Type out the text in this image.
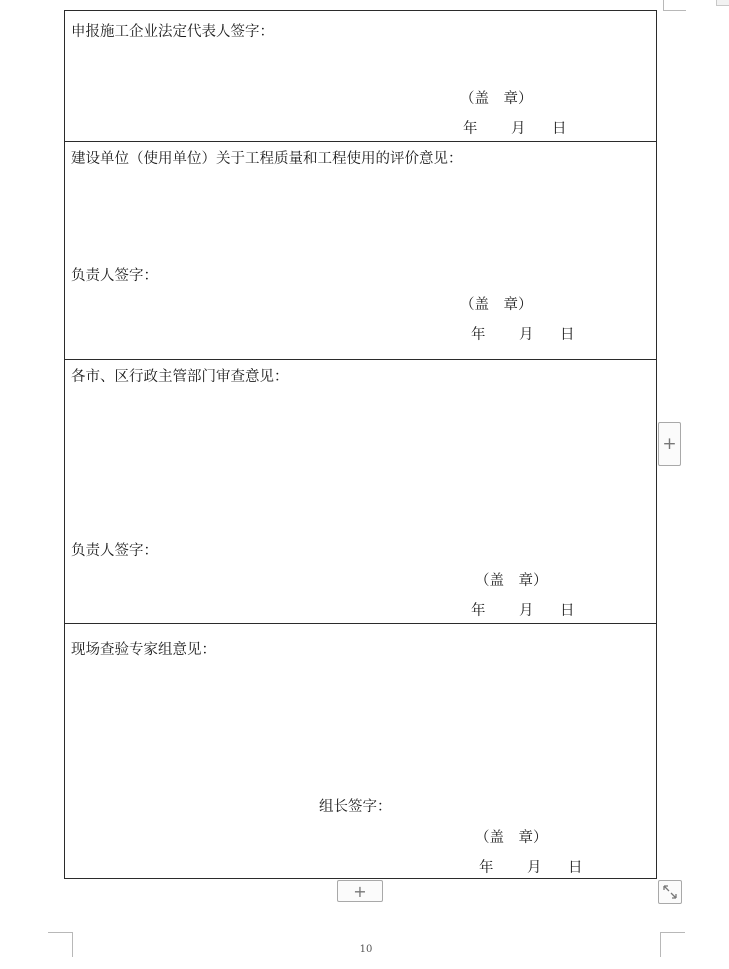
申报施工企业法定代表人签字：
（盖　章）
年 月 日
建设单位（使用单位）关于工程质量和工程使用的评价意见：
负责人签字：
（盖　章）
年 月 日
各市、区行政主管部门审查意见：
负责人签字：
（盖　章）
年 月 日
现场查验专家组意见：
组长签字：
（盖　章）
年 月 日
+
+
10
